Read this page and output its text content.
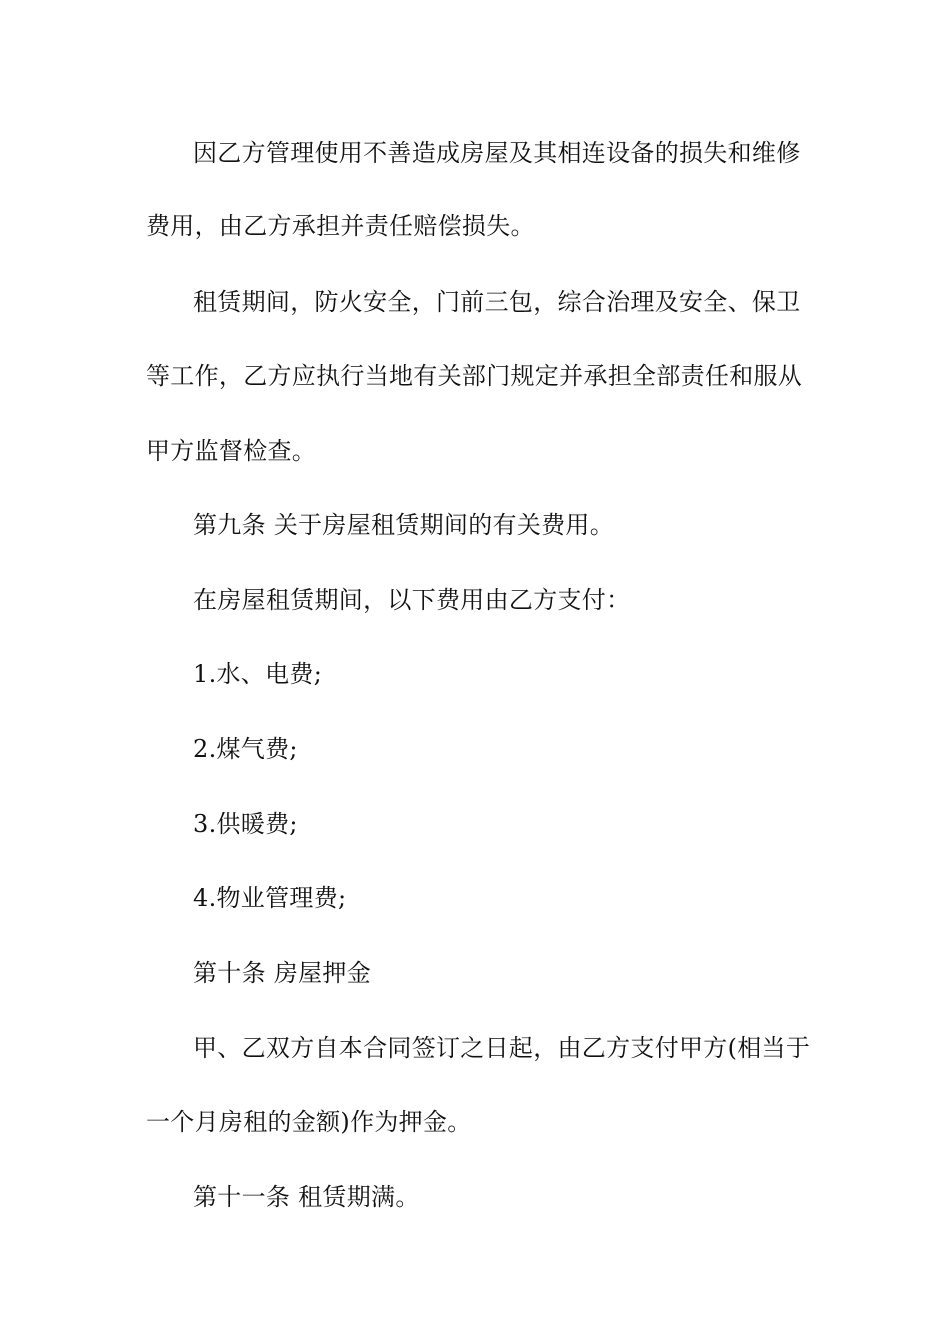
因乙方管理使用不善造成房屋及其相连设备的损失和维修
费用，由乙方承担并责任赔偿损失。
租赁期间，防火安全，门前三包，综合治理及安全、保卫
等工作，乙方应执行当地有关部门规定并承担全部责任和服从
甲方监督检查。
第九条 关于房屋租赁期间的有关费用。
在房屋租赁期间，以下费用由乙方支付：
1.水、电费;
2.煤气费;
3.供暖费;
4.物业管理费;
第十条 房屋押金
甲、乙双方自本合同签订之日起，由乙方支付甲方(相当于
一个月房租的金额)作为押金。
第十一条 租赁期满。
